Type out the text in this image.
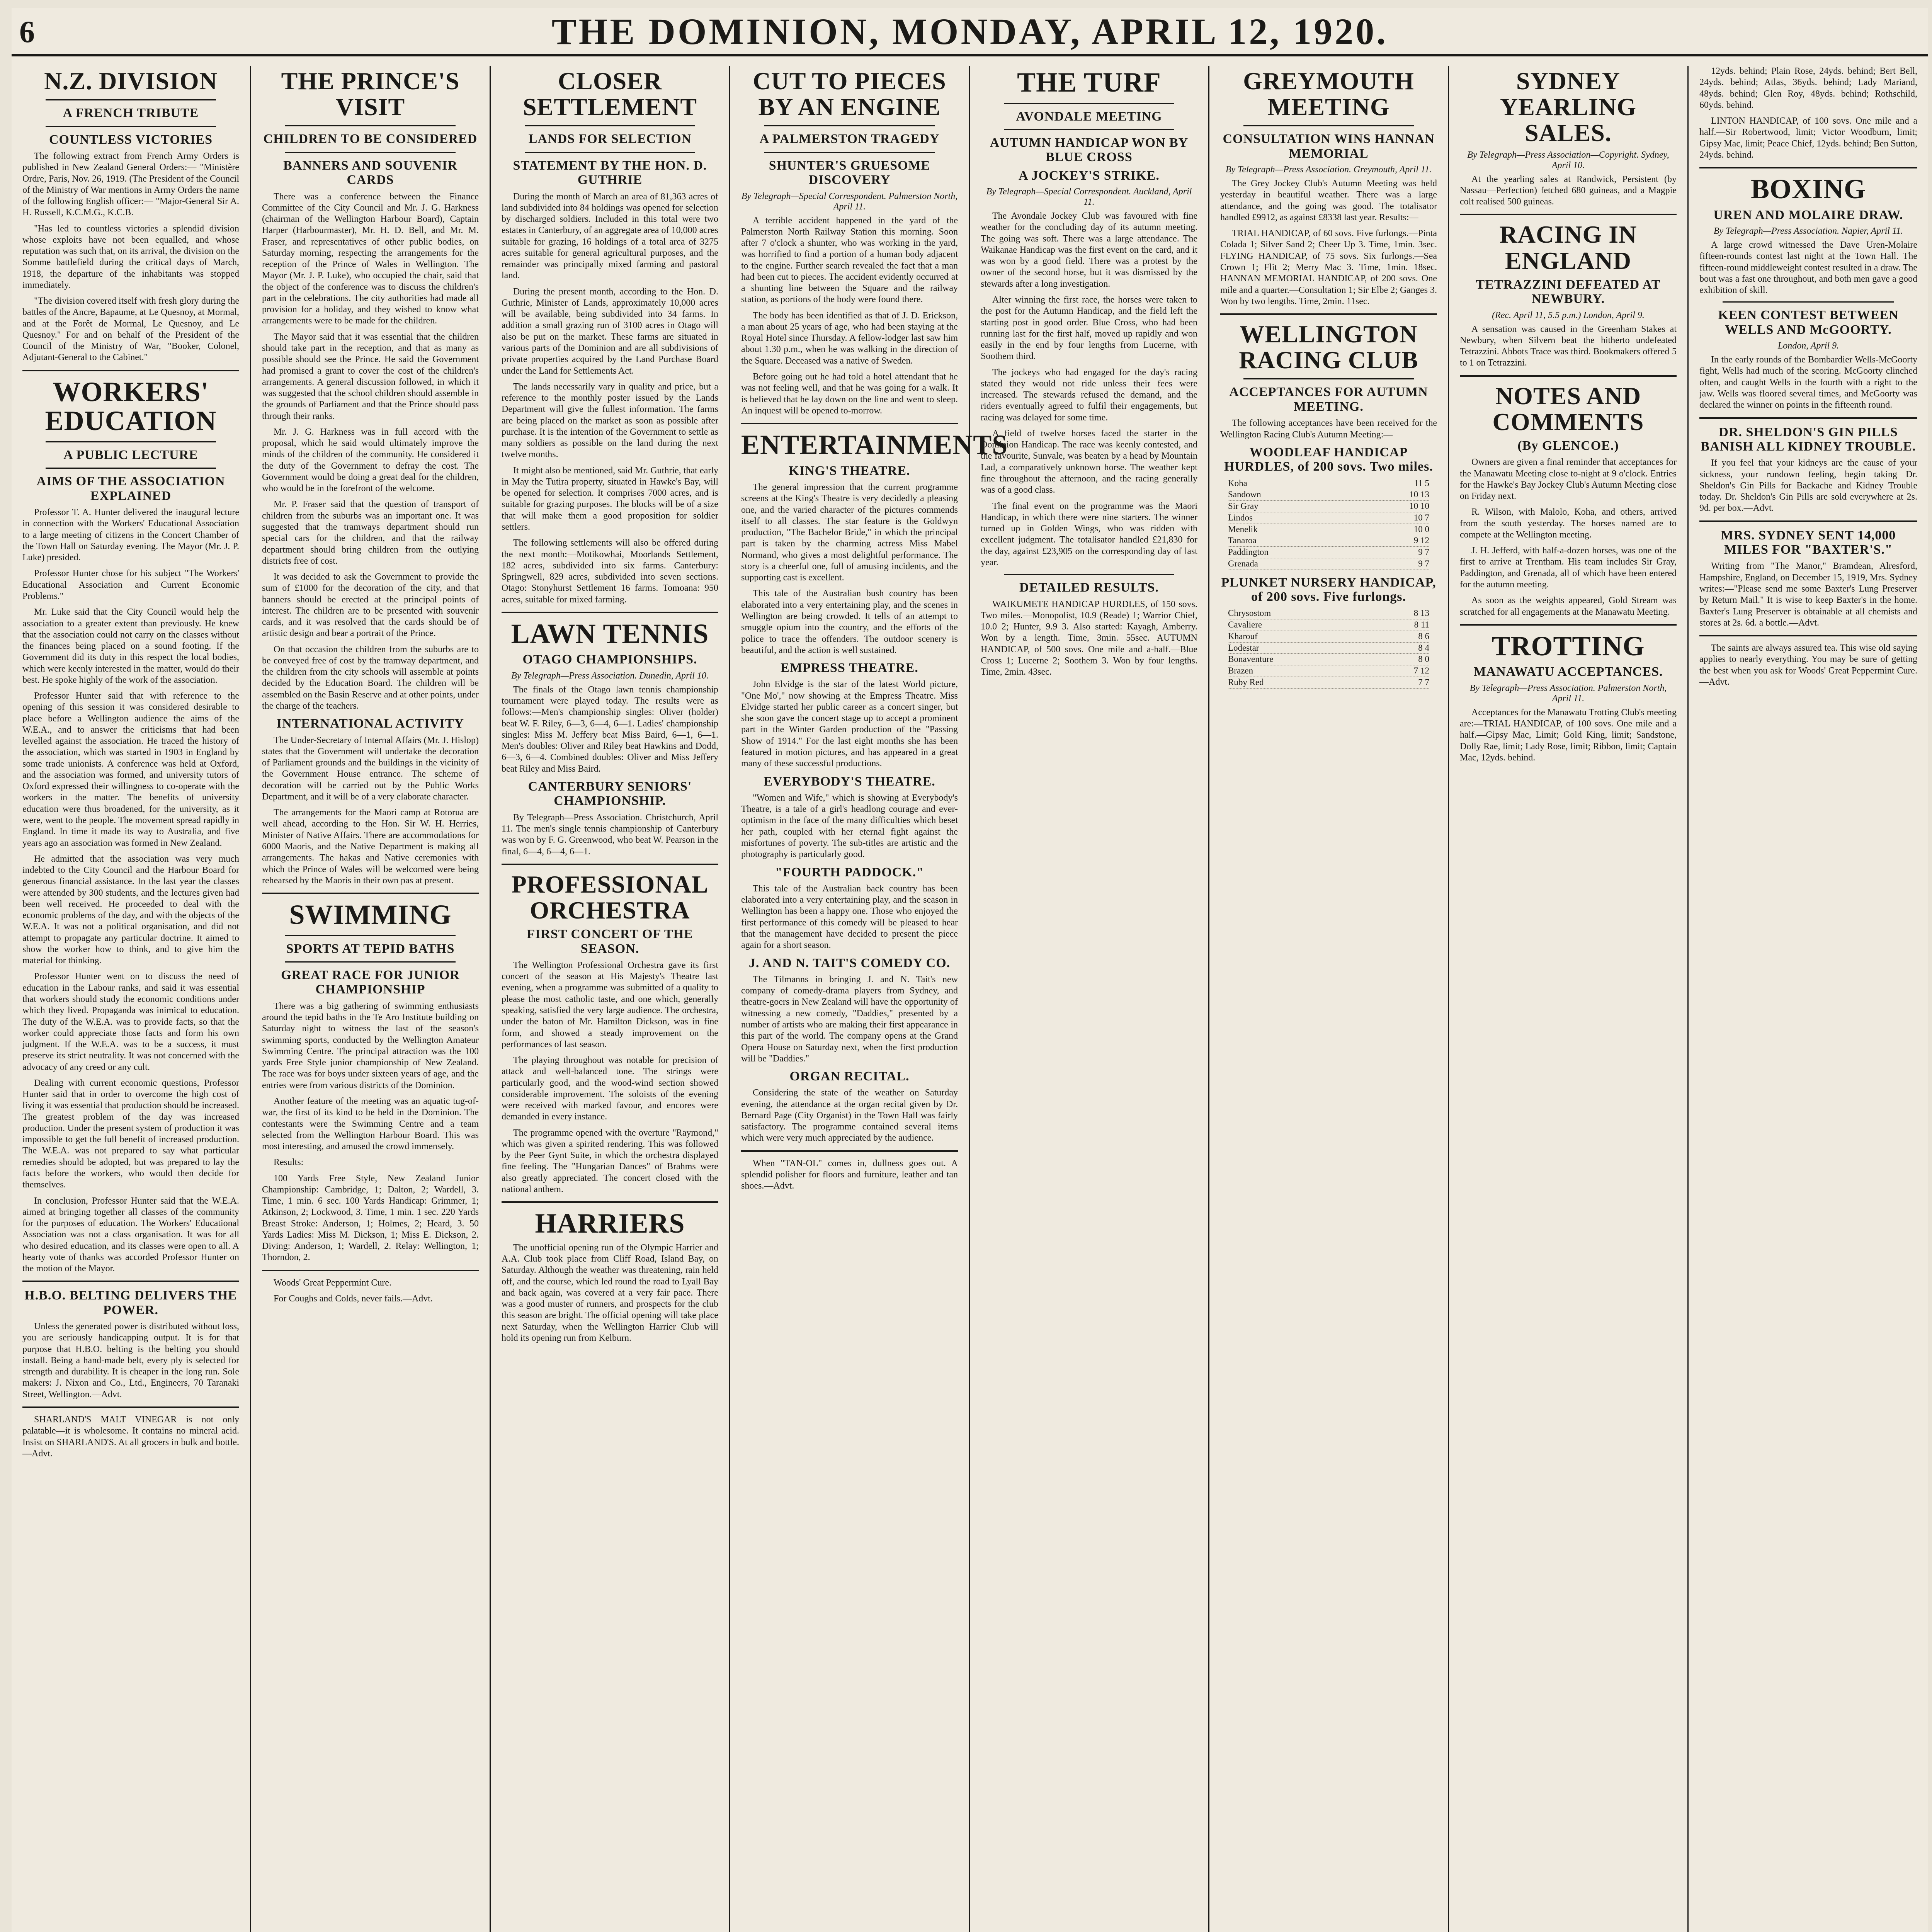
6	THE DOMINION, MONDAY, APRIL 12, 1920.
N.Z. DIVISION
A FRENCH TRIBUTE
COUNTLESS VICTORIES

The following extract from French Army Orders is published in New Zealand General Orders:— "Ministère Ordre, Paris, Nov. 26, 1919. (The President of the Council of the Ministry of War mentions in Army Orders the name of the following English officer:— "Major-General Sir A. H. Russell, K.C.M.G., K.C.B.

"Has led to countless victories a splendid division whose exploits have not been equalled, and whose reputation was such that, on its arrival, the division on the Somme battlefield during the critical days of March, 1918, the departure of the inhabitants was stopped immediately.

"The division covered itself with fresh glory during the battles of the Ancre, Bapaume, at Le Quesnoy, at Mormal, and at the Forêt de Mormal, Le Quesnoy, and Le Quesnoy." For and on behalf of the President of the Council of the Ministry of War, "Booker, Colonel, Adjutant-General to the Cabinet."

WORKERS' EDUCATION
A PUBLIC LECTURE
AIMS OF THE ASSOCIATION EXPLAINED

Professor T. A. Hunter delivered the inaugural lecture in connection with the Workers' Educational Association to a large meeting of citizens in the Concert Chamber of the Town Hall on Saturday evening. The Mayor (Mr. J. P. Luke) presided.

Professor Hunter chose for his subject "The Workers' Educational Association and Current Economic Problems."

Mr. Luke said that the City Council would help the association to a greater extent than previously. He knew that the association could not carry on the classes without the finances being placed on a sound footing. If the Government did its duty in this respect the local bodies, which were keenly interested in the matter, would do their best. He spoke highly of the work of the association.

Professor Hunter said that with reference to the opening of this session it was considered desirable to place before a Wellington audience the aims of the W.E.A., and to answer the criticisms that had been levelled against the association. He traced the history of the association, which was started in 1903 in England by some trade unionists. A conference was held at Oxford, and the association was formed, and university tutors of Oxford expressed their willingness to co-operate with the workers in the matter. The benefits of university education were thus broadened, for the university, as it were, went to the people. The movement spread rapidly in England. In time it made its way to Australia, and five years ago an association was formed in New Zealand.

He admitted that the association was very much indebted to the City Council and the Harbour Board for generous financial assistance. In the last year the classes were attended by 300 students, and the lectures given had been well received. He proceeded to deal with the economic problems of the day, and with the objects of the W.E.A. It was not a political organisation, and did not attempt to propagate any particular doctrine. It aimed to show the worker how to think, and to give him the material for thinking.

Professor Hunter went on to discuss the need of education in the Labour ranks, and said it was essential that workers should study the economic conditions under which they lived. Propaganda was inimical to education. The duty of the W.E.A. was to provide facts, so that the worker could appreciate those facts and form his own judgment. If the W.E.A. was to be a success, it must preserve its strict neutrality. It was not concerned with the advocacy of any creed or any cult.

Dealing with current economic questions, Professor Hunter said that in order to overcome the high cost of living it was essential that production should be increased. The greatest problem of the day was increased production. Under the present system of production it was impossible to get the full benefit of increased production. The W.E.A. was not prepared to say what particular remedies should be adopted, but was prepared to lay the facts before the workers, who would then decide for themselves.

In conclusion, Professor Hunter said that the W.E.A. aimed at bringing together all classes of the community for the purposes of education. The Workers' Educational Association was not a class organisation. It was for all who desired education, and its classes were open to all. A hearty vote of thanks was accorded Professor Hunter on the motion of the Mayor.

H.B.O. BELTING DELIVERS THE POWER.

Unless the generated power is distributed without loss, you are seriously handicapping output. It is for that purpose that H.B.O. belting is the belting you should install. Being a hand-made belt, every ply is selected for strength and durability. It is cheaper in the long run. Sole makers: J. Nixon and Co., Ltd., Engineers, 70 Taranaki Street, Wellington.—Advt.

SHARLAND'S MALT VINEGAR is not only palatable—it is wholesome. It contains no mineral acid. Insist on SHARLAND'S. At all grocers in bulk and bottle.—Advt.

THE PRINCE'S VISIT
CHILDREN TO BE CONSIDERED
BANNERS AND SOUVENIR CARDS

There was a conference between the Finance Committee of the City Council and Mr. J. G. Harkness (chairman of the Wellington Harbour Board), Captain Harper (Harbourmaster), Mr. H. D. Bell, and Mr. M. Fraser, and representatives of other public bodies, on Saturday morning, respecting the arrangements for the reception of the Prince of Wales in Wellington. The Mayor (Mr. J. P. Luke), who occupied the chair, said that the object of the conference was to discuss the children's part in the celebrations. The city authorities had made all provision for a holiday, and they wished to know what arrangements were to be made for the children.

The Mayor said that it was essential that the children should take part in the reception, and that as many as possible should see the Prince. He said the Government had promised a grant to cover the cost of the children's arrangements. A general discussion followed, in which it was suggested that the school children should assemble in the grounds of Parliament and that the Prince should pass through their ranks.

Mr. J. G. Harkness was in full accord with the proposal, which he said would ultimately improve the minds of the children of the community. He considered it the duty of the Government to defray the cost. The Government would be doing a great deal for the children, who would be in the forefront of the welcome.

Mr. P. Fraser said that the question of transport of children from the suburbs was an important one. It was suggested that the tramways department should run special cars for the children, and that the railway department should bring children from the outlying districts free of cost.

It was decided to ask the Government to provide the sum of £1000 for the decoration of the city, and that banners should be erected at the principal points of interest. The children are to be presented with souvenir cards, and it was resolved that the cards should be of artistic design and bear a portrait of the Prince.

On that occasion the children from the suburbs are to be conveyed free of cost by the tramway department, and the children from the city schools will assemble at points decided by the Education Board. The children will be assembled on the Basin Reserve and at other points, under the charge of the teachers.

INTERNATIONAL ACTIVITY

The Under-Secretary of Internal Affairs (Mr. J. Hislop) states that the Government will undertake the decoration of Parliament grounds and the buildings in the vicinity of the Government House entrance. The scheme of decoration will be carried out by the Public Works Department, and it will be of a very elaborate character.

The arrangements for the Maori camp at Rotorua are well ahead, according to the Hon. Sir W. H. Herries, Minister of Native Affairs. There are accommodations for 6000 Maoris, and the Native Department is making all arrangements. The hakas and Native ceremonies with which the Prince of Wales will be welcomed were being rehearsed by the Maoris in their own pas at present.

SWIMMING
SPORTS AT TEPID BATHS
GREAT RACE FOR JUNIOR CHAMPIONSHIP

There was a big gathering of swimming enthusiasts around the tepid baths in the Te Aro Institute building on Saturday night to witness the last of the season's swimming sports, conducted by the Wellington Amateur Swimming Centre. The principal attraction was the 100 yards Free Style junior championship of New Zealand. The race was for boys under sixteen years of age, and the entries were from various districts of the Dominion.

Another feature of the meeting was an aquatic tug-of-war, the first of its kind to be held in the Dominion. The contestants were the Swimming Centre and a team selected from the Wellington Harbour Board. This was most interesting, and amused the crowd immensely.

Results:

100 Yards Free Style, New Zealand Junior Championship: Cambridge, 1; Dalton, 2; Wardell, 3. Time, 1 min. 6 sec. 100 Yards Handicap: Grimmer, 1; Atkinson, 2; Lockwood, 3. Time, 1 min. 1 sec. 220 Yards Breast Stroke: Anderson, 1; Holmes, 2; Heard, 3. 50 Yards Ladies: Miss M. Dickson, 1; Miss E. Dickson, 2. Diving: Anderson, 1; Wardell, 2. Relay: Wellington, 1; Thorndon, 2.

Woods' Great Peppermint Cure.

For Coughs and Colds, never fails.—Advt.

CLOSER SETTLEMENT
LANDS FOR SELECTION
STATEMENT BY THE HON. D. GUTHRIE

During the month of March an area of 81,363 acres of land subdivided into 84 holdings was opened for selection by discharged soldiers. Included in this total were two estates in Canterbury, of an aggregate area of 10,000 acres suitable for grazing, 16 holdings of a total area of 3275 acres suitable for general agricultural purposes, and the remainder was principally mixed farming and pastoral land.

During the present month, according to the Hon. D. Guthrie, Minister of Lands, approximately 10,000 acres will be available, being subdivided into 34 farms. In addition a small grazing run of 3100 acres in Otago will also be put on the market. These farms are situated in various parts of the Dominion and are all subdivisions of private properties acquired by the Land Purchase Board under the Land for Settlements Act.

The lands necessarily vary in quality and price, but a reference to the monthly poster issued by the Lands Department will give the fullest information. The farms are being placed on the market as soon as possible after purchase. It is the intention of the Government to settle as many soldiers as possible on the land during the next twelve months.

It might also be mentioned, said Mr. Guthrie, that early in May the Tutira property, situated in Hawke's Bay, will be opened for selection. It comprises 7000 acres, and is suitable for grazing purposes. The blocks will be of a size that will make them a good proposition for soldier settlers.

The following settlements will also be offered during the next month:—Motikowhai, Moorlands Settlement, 182 acres, subdivided into six farms. Canterbury: Springwell, 829 acres, subdivided into seven sections. Otago: Stonyhurst Settlement 16 farms. Tomoana: 950 acres, suitable for mixed farming.

LAWN TENNIS
OTAGO CHAMPIONSHIPS.
By Telegraph—Press Association. Dunedin, April 10.

The finals of the Otago lawn tennis championship tournament were played today. The results were as follows:—Men's championship singles: Oliver (holder) beat W. F. Riley, 6—3, 6—4, 6—1. Ladies' championship singles: Miss M. Jeffery beat Miss Baird, 6—1, 6—1. Men's doubles: Oliver and Riley beat Hawkins and Dodd, 6—3, 6—4. Combined doubles: Oliver and Miss Jeffery beat Riley and Miss Baird.

CANTERBURY SENIORS' CHAMPIONSHIP.

By Telegraph—Press Association. Christchurch, April 11. The men's single tennis championship of Canterbury was won by F. G. Greenwood, who beat W. Pearson in the final, 6—4, 6—4, 6—1.

PROFESSIONAL ORCHESTRA
FIRST CONCERT OF THE SEASON.

The Wellington Professional Orchestra gave its first concert of the season at His Majesty's Theatre last evening, when a programme was submitted of a quality to please the most catholic taste, and one which, generally speaking, satisfied the very large audience. The orchestra, under the baton of Mr. Hamilton Dickson, was in fine form, and showed a steady improvement on the performances of last season.

The playing throughout was notable for precision of attack and well-balanced tone. The strings were particularly good, and the wood-wind section showed considerable improvement. The soloists of the evening were received with marked favour, and encores were demanded in every instance.

The programme opened with the overture "Raymond," which was given a spirited rendering. This was followed by the Peer Gynt Suite, in which the orchestra displayed fine feeling. The "Hungarian Dances" of Brahms were also greatly appreciated. The concert closed with the national anthem.

HARRIERS

The unofficial opening run of the Olympic Harrier and A.A. Club took place from Cliff Road, Island Bay, on Saturday. Although the weather was threatening, rain held off, and the course, which led round the road to Lyall Bay and back again, was covered at a very fair pace. There was a good muster of runners, and prospects for the club this season are bright. The official opening will take place next Saturday, when the Wellington Harrier Club will hold its opening run from Kelburn.

CUT TO PIECES BY AN ENGINE
A PALMERSTON TRAGEDY
SHUNTER'S GRUESOME DISCOVERY
By Telegraph—Special Correspondent. Palmerston North, April 11.

A terrible accident happened in the yard of the Palmerston North Railway Station this morning. Soon after 7 o'clock a shunter, who was working in the yard, was horrified to find a portion of a human body adjacent to the engine. Further search revealed the fact that a man had been cut to pieces. The accident evidently occurred at a shunting line between the Square and the railway station, as portions of the body were found there.

The body has been identified as that of J. D. Erickson, a man about 25 years of age, who had been staying at the Royal Hotel since Thursday. A fellow-lodger last saw him about 1.30 p.m., when he was walking in the direction of the Square. Deceased was a native of Sweden.

Before going out he had told a hotel attendant that he was not feeling well, and that he was going for a walk. It is believed that he lay down on the line and went to sleep. An inquest will be opened to-morrow.

ENTERTAINMENTS
KING'S THEATRE.

The general impression that the current programme screens at the King's Theatre is very decidedly a pleasing one, and the varied character of the pictures commends itself to all classes. The star feature is the Goldwyn production, "The Bachelor Bride," in which the principal part is taken by the charming actress Miss Mabel Normand, who gives a most delightful performance. The story is a cheerful one, full of amusing incidents, and the supporting cast is excellent.

This tale of the Australian bush country has been elaborated into a very entertaining play, and the scenes in Wellington are being crowded. It tells of an attempt to smuggle opium into the country, and the efforts of the police to trace the offenders. The outdoor scenery is beautiful, and the action is well sustained.

EMPRESS THEATRE.

John Elvidge is the star of the latest World picture, "One Mo'," now showing at the Empress Theatre. Miss Elvidge started her public career as a concert singer, but she soon gave the concert stage up to accept a prominent part in the Winter Garden production of the "Passing Show of 1914." For the last eight months she has been featured in motion pictures, and has appeared in a great many of these successful productions.

EVERYBODY'S THEATRE.

"Women and Wife," which is showing at Everybody's Theatre, is a tale of a girl's headlong courage and ever-optimism in the face of the many difficulties which beset her path, coupled with her eternal fight against the misfortunes of poverty. The sub-titles are artistic and the photography is particularly good.

"FOURTH PADDOCK."

This tale of the Australian back country has been elaborated into a very entertaining play, and the season in Wellington has been a happy one. Those who enjoyed the first performance of this comedy will be pleased to hear that the management have decided to present the piece again for a short season.

J. AND N. TAIT'S COMEDY CO.

The Tilmanns in bringing J. and N. Tait's new company of comedy-drama players from Sydney, and theatre-goers in New Zealand will have the opportunity of witnessing a new comedy, "Daddies," presented by a number of artists who are making their first appearance in this part of the world. The company opens at the Grand Opera House on Saturday next, when the first production will be "Daddies."

ORGAN RECITAL.

Considering the state of the weather on Saturday evening, the attendance at the organ recital given by Dr. Bernard Page (City Organist) in the Town Hall was fairly satisfactory. The programme contained several items which were very much appreciated by the audience.

When "TAN-OL" comes in, dullness goes out. A splendid polisher for floors and furniture, leather and tan shoes.—Advt.

THE TURF
AVONDALE MEETING
AUTUMN HANDICAP WON BY BLUE CROSS
A JOCKEY'S STRIKE.
By Telegraph—Special Correspondent. Auckland, April 11.

The Avondale Jockey Club was favoured with fine weather for the concluding day of its autumn meeting. The going was soft. There was a large attendance. The Waikanae Handicap was the first event on the card, and it was won by a good field. There was a protest by the owner of the second horse, but it was dismissed by the stewards after a long investigation.

Alter winning the first race, the horses were taken to the post for the Autumn Handicap, and the field left the starting post in good order. Blue Cross, who had been running last for the first half, moved up rapidly and won easily in the end by four lengths from Lucerne, with Soothem third.

The jockeys who had engaged for the day's racing stated they would not ride unless their fees were increased. The stewards refused the demand, and the riders eventually agreed to fulfil their engagements, but racing was delayed for some time.

A field of twelve horses faced the starter in the Dominion Handicap. The race was keenly contested, and the favourite, Sunvale, was beaten by a head by Mountain Lad, a comparatively unknown horse. The weather kept fine throughout the afternoon, and the racing generally was of a good class.

The final event on the programme was the Maori Handicap, in which there were nine starters. The winner turned up in Golden Wings, who was ridden with excellent judgment. The totalisator handled £21,830 for the day, against £23,905 on the corresponding day of last year.

DETAILED RESULTS.

WAIKUMETE HANDICAP HURDLES, of 150 sovs. Two miles.—Monopolist, 10.9 (Reade) 1; Warrior Chief, 10.0 2; Hunter, 9.9 3. Also started: Kayagh, Amberry. Won by a length. Time, 3min. 55sec. AUTUMN HANDICAP, of 500 sovs. One mile and a-half.—Blue Cross 1; Lucerne 2; Soothem 3. Won by four lengths. Time, 2min. 43sec.

GREYMOUTH MEETING
CONSULTATION WINS HANNAN MEMORIAL
By Telegraph—Press Association. Greymouth, April 11.

The Grey Jockey Club's Autumn Meeting was held yesterday in beautiful weather. There was a large attendance, and the going was good. The totalisator handled £9912, as against £8338 last year. Results:—

TRIAL HANDICAP, of 60 sovs. Five furlongs.—Pinta Colada 1; Silver Sand 2; Cheer Up 3. Time, 1min. 3sec. FLYING HANDICAP, of 75 sovs. Six furlongs.—Sea Crown 1; Flit 2; Merry Mac 3. Time, 1min. 18sec. HANNAN MEMORIAL HANDICAP, of 200 sovs. One mile and a quarter.—Consultation 1; Sir Elbe 2; Ganges 3. Won by two lengths. Time, 2min. 11sec.

WELLINGTON RACING CLUB
ACCEPTANCES FOR AUTUMN MEETING.

The following acceptances have been received for the Wellington Racing Club's Autumn Meeting:—

WOODLEAF HANDICAP HURDLES, of 200 sovs. Two miles.
Koha	11 5
Sandown	10 13
Sir Gray	10 10
Lindos	10 7
Menelik	10 0
Tanaroa	9 12
Paddington	9 7
Grenada	9 7
PLUNKET NURSERY HANDICAP, of 200 sovs. Five furlongs.
Chrysostom	8 13
Cavaliere	8 11
Kharouf	8 6
Lodestar	8 4
Bonaventure	8 0
Brazen	7 12
Ruby Red	7 7
SYDNEY YEARLING SALES.
By Telegraph—Press Association—Copyright. Sydney, April 10.

At the yearling sales at Randwick, Persistent (by Nassau—Perfection) fetched 680 guineas, and a Magpie colt realised 500 guineas.

RACING IN ENGLAND
TETRAZZINI DEFEATED AT NEWBURY.
(Rec. April 11, 5.5 p.m.) London, April 9.

A sensation was caused in the Greenham Stakes at Newbury, when Silvern beat the hitherto undefeated Tetrazzini. Abbots Trace was third. Bookmakers offered 5 to 1 on Tetrazzini.

NOTES AND COMMENTS
(By GLENCOE.)

Owners are given a final reminder that acceptances for the Manawatu Meeting close to-night at 9 o'clock. Entries for the Hawke's Bay Jockey Club's Autumn Meeting close on Friday next.

R. Wilson, with Malolo, Koha, and others, arrived from the south yesterday. The horses named are to compete at the Wellington meeting.

J. H. Jefferd, with half-a-dozen horses, was one of the first to arrive at Trentham. His team includes Sir Gray, Paddington, and Grenada, all of which have been entered for the autumn meeting.

As soon as the weights appeared, Gold Stream was scratched for all engagements at the Manawatu Meeting.

TROTTING
MANAWATU ACCEPTANCES.
By Telegraph—Press Association. Palmerston North, April 11.

Acceptances for the Manawatu Trotting Club's meeting are:—TRIAL HANDICAP, of 100 sovs. One mile and a half.—Gipsy Mac, Limit; Gold King, limit; Sandstone, Dolly Rae, limit; Lady Rose, limit; Ribbon, limit; Captain Mac, 12yds. behind.

12yds. behind; Plain Rose, 24yds. behind; Bert Bell, 24yds. behind; Atlas, 36yds. behind; Lady Mariand, 48yds. behind; Glen Roy, 48yds. behind; Rothschild, 60yds. behind.

LINTON HANDICAP, of 100 sovs. One mile and a half.—Sir Robertwood, limit; Victor Woodburn, limit; Gipsy Mac, limit; Peace Chief, 12yds. behind; Ben Sutton, 24yds. behind.

BOXING
UREN AND MOLAIRE DRAW.
By Telegraph—Press Association. Napier, April 11.

A large crowd witnessed the Dave Uren-Molaire fifteen-rounds contest last night at the Town Hall. The fifteen-round middleweight contest resulted in a draw. The bout was a fast one throughout, and both men gave a good exhibition of skill.

KEEN CONTEST BETWEEN WELLS AND McGOORTY.
London, April 9.

In the early rounds of the Bombardier Wells-McGoorty fight, Wells had much of the scoring. McGoorty clinched often, and caught Wells in the fourth with a right to the jaw. Wells was floored several times, and McGoorty was declared the winner on points in the fifteenth round.

DR. SHELDON'S GIN PILLS BANISH ALL KIDNEY TROUBLE.

If you feel that your kidneys are the cause of your sickness, your rundown feeling, begin taking Dr. Sheldon's Gin Pills for Backache and Kidney Trouble today. Dr. Sheldon's Gin Pills are sold everywhere at 2s. 9d. per box.—Advt.

MRS. SYDNEY SENT 14,000 MILES FOR "BAXTER'S."

Writing from "The Manor," Bramdean, Alresford, Hampshire, England, on December 15, 1919, Mrs. Sydney writes:—"Please send me some Baxter's Lung Preserver by Return Mail." It is wise to keep Baxter's in the home. Baxter's Lung Preserver is obtainable at all chemists and stores at 2s. 6d. a bottle.—Advt.

The saints are always assured tea. This wise old saying applies to nearly everything. You may be sure of getting the best when you ask for Woods' Great Peppermint Cure.—Advt.
